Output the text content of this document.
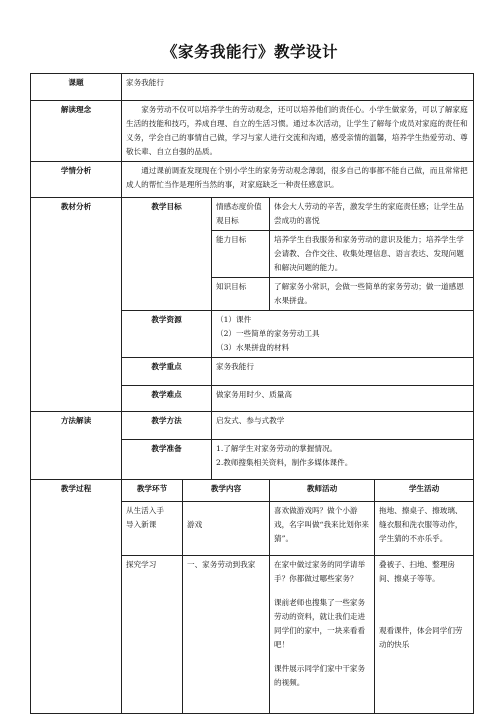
《家务我能行》教学设计
课题	家务我能行				
解读理念	家务劳动不仅可以培养学生的劳动观念，还可以培养他们的责任心。小学生做家务，可以了解家庭生活的技能和技巧，养成自理、自立的生活习惯。通过本次活动，让学生了解每个成员对家庭的责任和义务，学会自己的事情自己做，学习与家人进行交流和沟通，感受亲情的温馨，培养学生热爱劳动、尊敬长辈、自立自强的品质。				

学情分析	通过课前调查发现现在个别小学生的家务劳动观念薄弱，很多自己的事都不能自己做，而且常常把成人的帮忙当作是理所当然的事，对家庭缺乏一种责任感意识。				

教材分析	教学目标		情感态度价值观目标	体会大人劳动的辛苦，激发学生的家庭责任感；让学生品尝成功的喜悦	
			能力目标	培养学生自我服务和家务劳动的意识及能力；培养学生学会请教、合作交往、收集处理信息、语言表达、发现问题和解决问题的能力。	
			知识目标	了解家务小常识，会做一些简单的家务劳动；做一道感恩水果拼盘。	
	教学资源		（1）课件
（2）一些简单的家务劳动工具
（3）水果拼盘的材料		

	教学重点		家务我能行		
	教学难点		做家务用时少、质量高		

方法解读	教学方法		启发式、参与式教学		
	教学准备		1.了解学生对家务劳动的掌握情况。
2.教师搜集相关资料，制作多媒体课件。		

教学过程	教学环节	教学内容		教师活动	学生活动

	从生活入手
导入新课	游戏		喜欢做游戏吗？做个小游戏，名字叫做“我来比划你来猜”。	拖地、擦桌子、擦玻璃、缝衣服和洗衣服等动作，学生猜的不亦乐乎。
	探究学习	一、家务劳动到我家		在家中做过家务的同学请举手？你都做过哪些家务？
课前老师也搜集了一些家务劳动的资料，就让我们走进同学们的家中，一块来看看吧！
课件展示同学们家中干家务的视频。	叠被子、扫地、整理房间、擦桌子等等。
观看课件，体会同学们劳动的快乐
